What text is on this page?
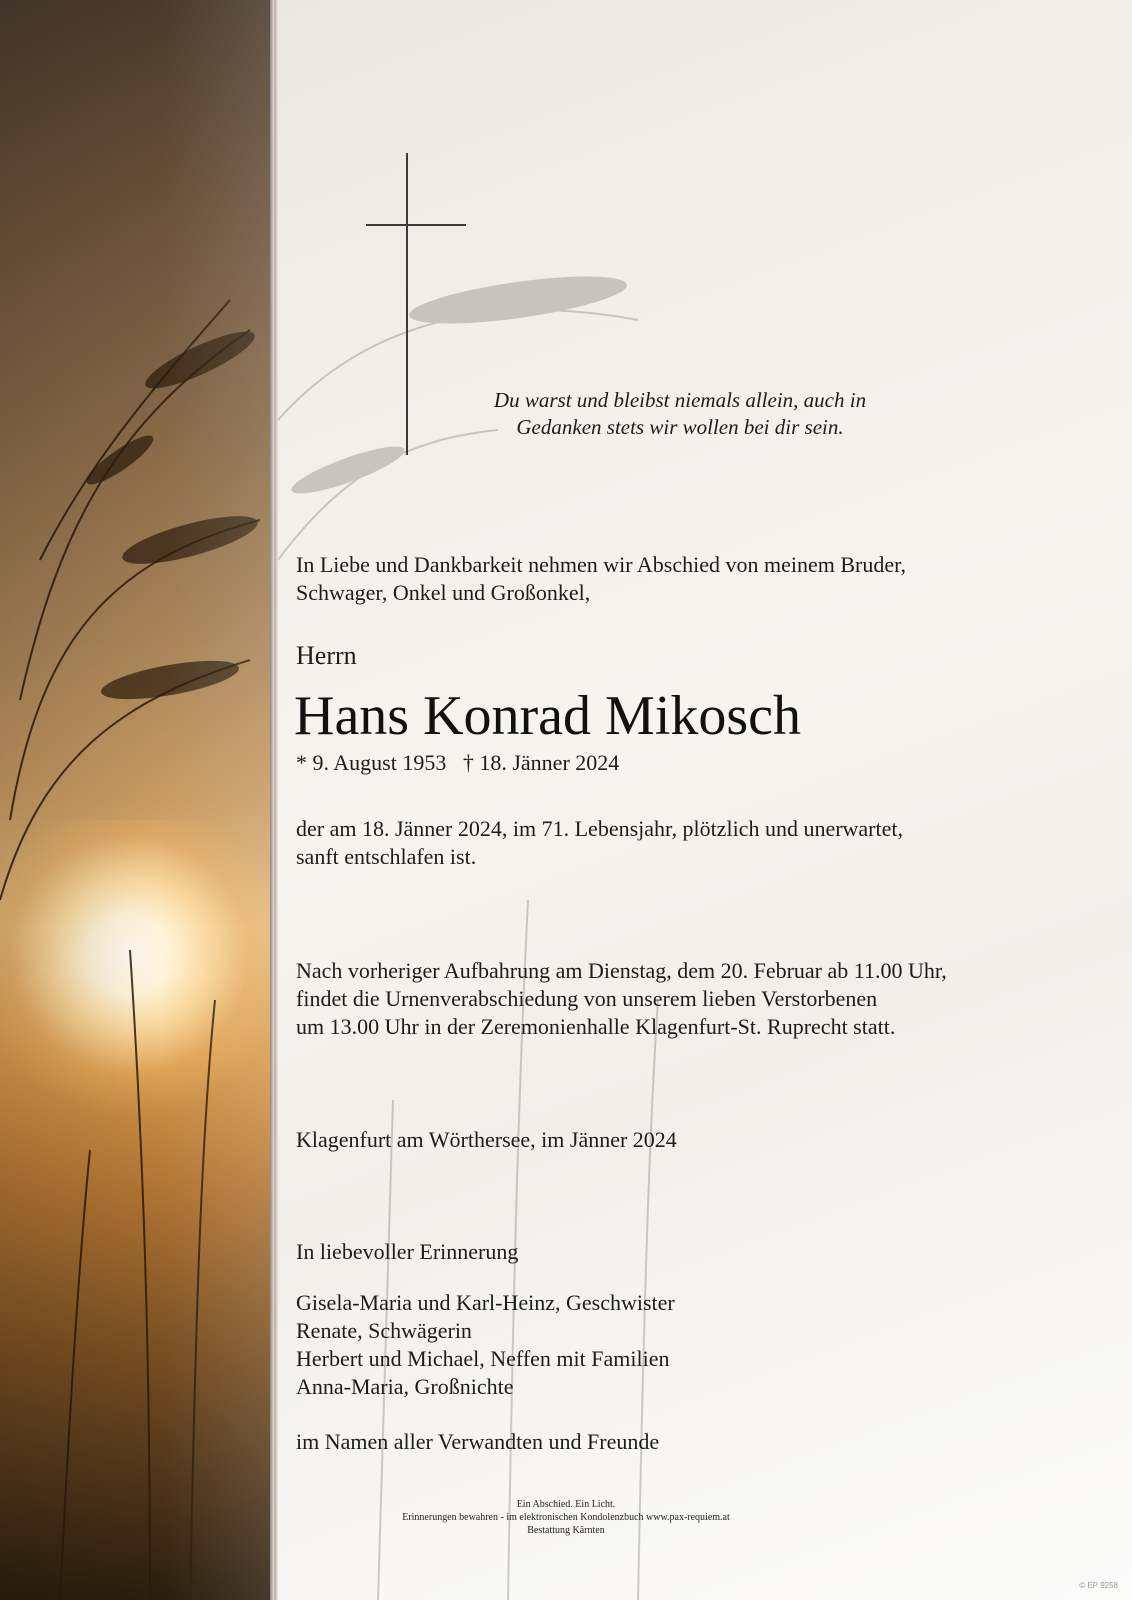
Du warst und bleibst niemals allein, auch in
Gedanken stets wir wollen bei dir sein.
In Liebe und Dankbarkeit nehmen wir Abschied von meinem Bruder,
Schwager, Onkel und Großonkel,
Herrn
Hans Konrad Mikosch
* 9. August 1953   † 18. Jänner 2024
der am 18. Jänner 2024, im 71. Lebensjahr, plötzlich und unerwartet,
sanft entschlafen ist.
Nach vorheriger Aufbahrung am Dienstag, dem 20. Februar ab 11.00 Uhr,
findet die Urnenverabschiedung von unserem lieben Verstorbenen
um 13.00 Uhr in der Zeremonienhalle Klagenfurt-St. Ruprecht statt.
Klagenfurt am Wörthersee, im Jänner 2024
In liebevoller Erinnerung
Gisela-Maria und Karl-Heinz, Geschwister
Renate, Schwägerin
Herbert und Michael, Neffen mit Familien
Anna-Maria, Großnichte
im Namen aller Verwandten und Freunde
Ein Abschied. Ein Licht.
Erinnerungen bewahren - im elektronischen Kondolenzbuch www.pax-requiem.at
Bestattung Kärnten
© EP 9258
